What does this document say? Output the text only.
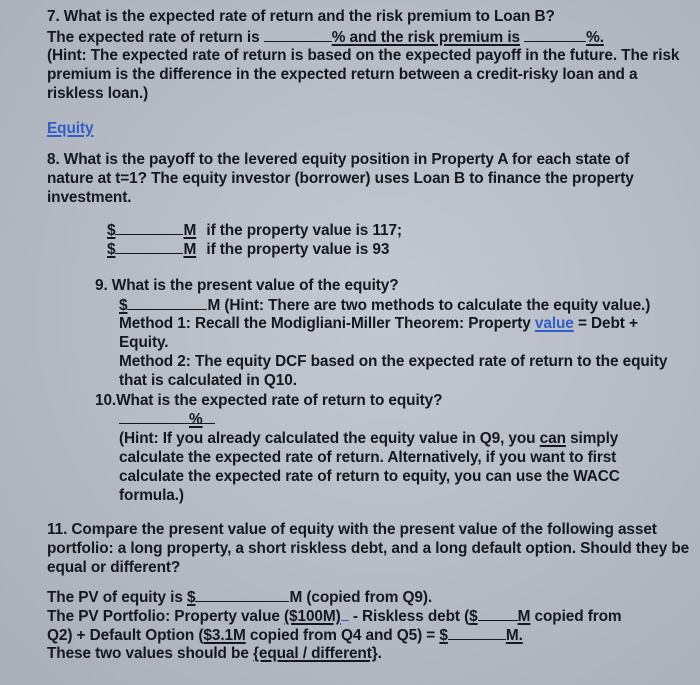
7. What is the expected rate of return and the risk premium to Loan B?
The expected rate of return is	% and the risk premium is	%.
(Hint: The expected rate of return is based on the expected payoff in the future. The risk
premium is the difference in the expected return between a credit-risky loan and a
riskless loan.)
Equity
8. What is the payoff to the levered equity position in Property A for each state of
nature at t=1? The equity investor (borrower) uses Loan B to finance the property
investment.
$	M if the property value is 117;
$	M if the property value is 93
9. What is the present value of the equity?
$	M (Hint: There are two methods to calculate the equity value.)
Method 1: Recall the Modigliani-Miller Theorem: Property value = Debt +
Equity.
Method 2: The equity DCF based on the expected rate of return to the equity
that is calculated in Q10.
10.What is the expected rate of return to equity?
%
(Hint: If you already calculated the equity value in Q9, you can simply
calculate the expected rate of return. Alternatively, if you want to first
calculate the expected rate of return to equity, you can use the WACC
formula.)
11. Compare the present value of equity with the present value of the following asset
portfolio: a long property, a short riskless debt, and a long default option. Should they be
equal or different?
The PV of equity is $	M (copied from Q9).
The PV Portfolio: Property value ($100M) - Riskless debt ($	M copied from
Q2) + Default Option ($3.1M copied from Q4 and Q5) = $	M.
These two values should be {equal / different}.
